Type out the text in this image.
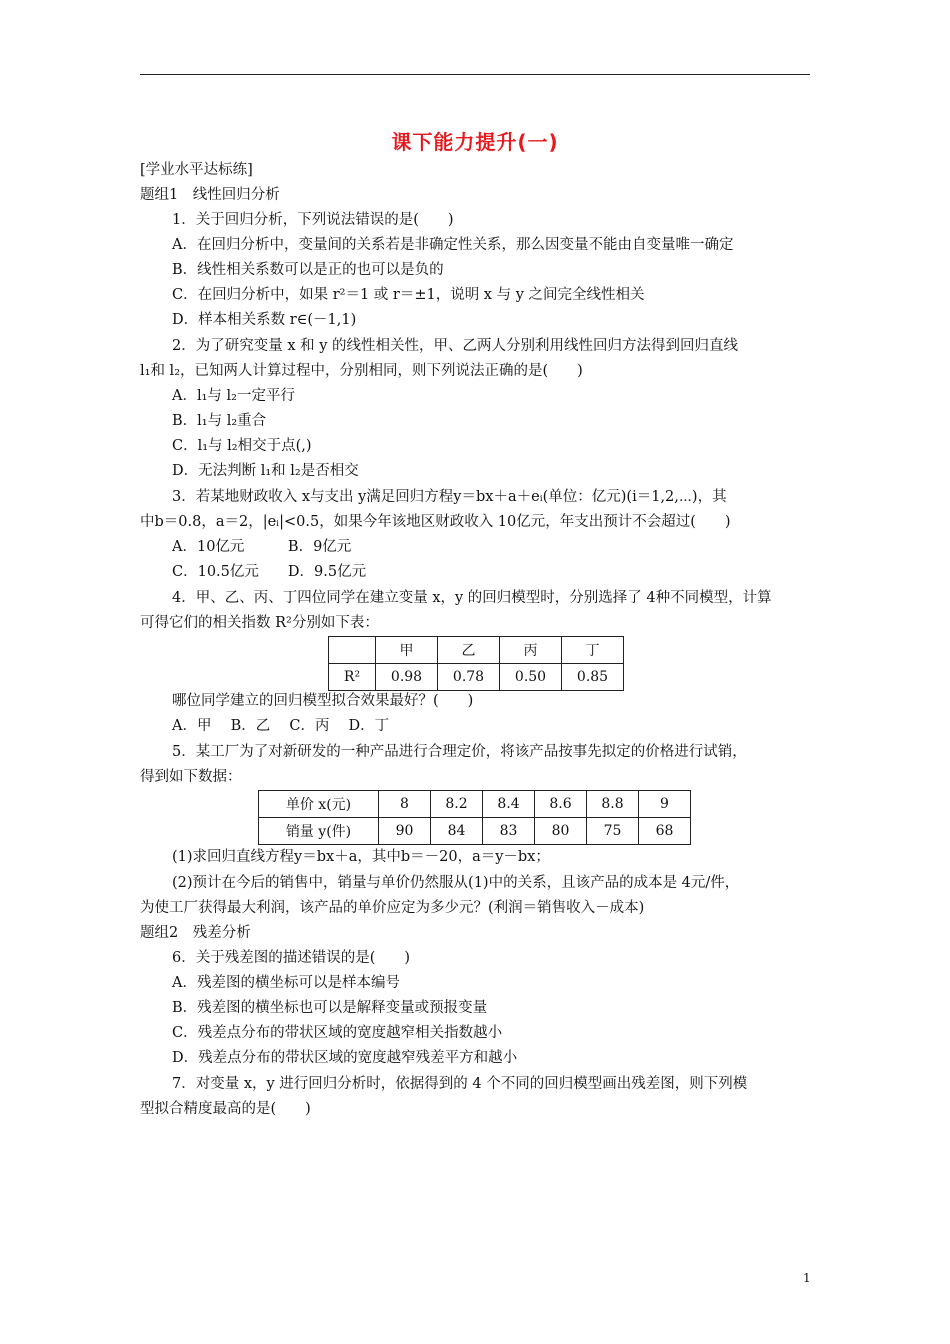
课下能力提升(一)
[学业水平达标练]
题组1　线性回归分析
1．关于回归分析，下列说法错误的是(　　)
A．在回归分析中，变量间的关系若是非确定性关系，那么因变量不能由自变量唯一确定
B．线性相关系数可以是正的也可以是负的
C．在回归分析中，如果 r²＝1 或 r＝±1，说明 x 与 y 之间完全线性相关
D．样本相关系数 r∈(－1,1)
2．为了研究变量 x 和 y 的线性相关性，甲、乙两人分别利用线性回归方法得到回归直线
l₁和 l₂，已知两人计算过程中，分别相同，则下列说法正确的是(　　)
A．l₁与 l₂一定平行
B．l₁与 l₂重合
C．l₁与 l₂相交于点(,)
D．无法判断 l₁和 l₂是否相交
3．若某地财政收入 x与支出 y满足回归方程y＝bx＋a＋eᵢ(单位：亿元)(i＝1,2,⋯)，其
中b＝0.8，a＝2，|eᵢ|<0.5，如果今年该地区财政收入 10亿元，年支出预计不会超过(　　)
A．10亿元　　　B．9亿元
C．10.5亿元　　D．9.5亿元
4．甲、乙、丙、丁四位同学在建立变量 x，y 的回归模型时，分别选择了 4种不同模型，计算
可得它们的相关指数 R²分别如下表：
	甲	乙	丙	丁
R²	0.98	0.78	0.50	0.85
哪位同学建立的回归模型拟合效果最好？(　　)
A．甲　 B．乙　 C．丙　 D．丁
5．某工厂为了对新研发的一种产品进行合理定价，将该产品按事先拟定的价格进行试销，
得到如下数据：
单价 x(元)	8	8.2	8.4	8.6	8.8	9
销量 y(件)	90	84	83	80	75	68
(1)求回归直线方程y＝bx＋a，其中b＝－20，a＝y－bx；
(2)预计在今后的销售中，销量与单价仍然服从(1)中的关系，且该产品的成本是 4元/件，
为使工厂获得最大利润，该产品的单价应定为多少元？(利润＝销售收入－成本)
题组2　残差分析
6．关于残差图的描述错误的是(　　)
A．残差图的横坐标可以是样本编号
B．残差图的横坐标也可以是解释变量或预报变量
C．残差点分布的带状区域的宽度越窄相关指数越小
D．残差点分布的带状区域的宽度越窄残差平方和越小
7．对变量 x，y 进行回归分析时，依据得到的 4 个不同的回归模型画出残差图，则下列模
型拟合精度最高的是(　　)
1
